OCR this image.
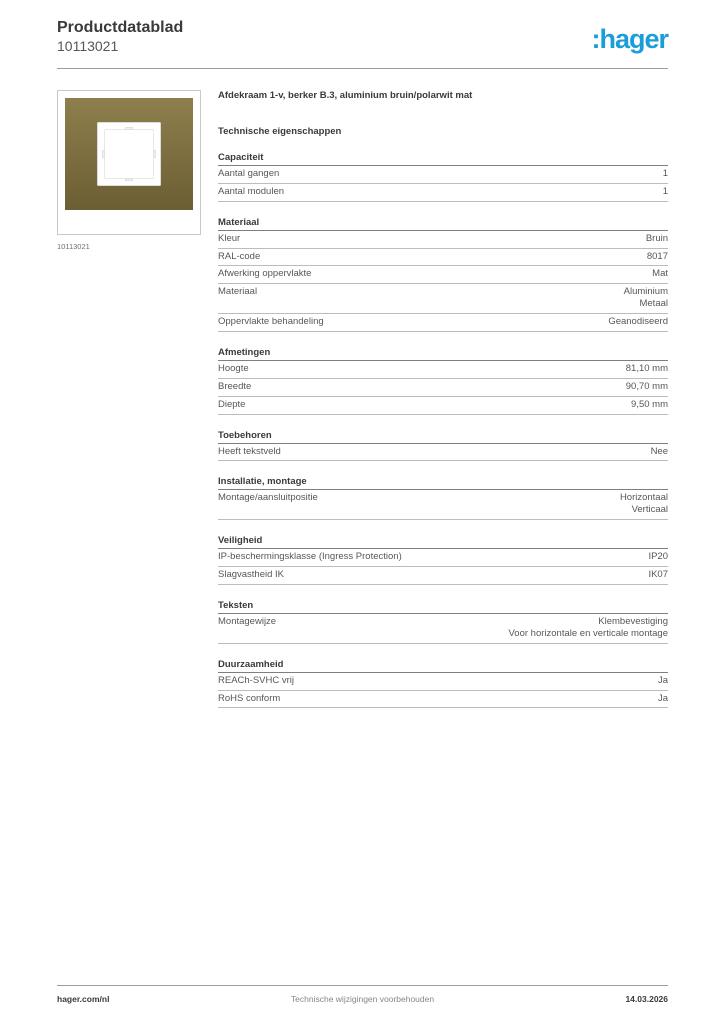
Productdatablad
10113021	:hager
10113021
Afdekraam 1-v, berker B.3, aluminium bruin/polarwit mat
Technische eigenschappen
Capaciteit
Aantal gangen	1
Aantal modulen	1
Materiaal
Kleur	Bruin
RAL-code	8017
Afwerking oppervlakte	Mat
Materiaal	Aluminium
Metaal
Oppervlakte behandeling	Geanodiseerd
Afmetingen
Hoogte	81,10 mm
Breedte	90,70 mm
Diepte	9,50 mm
Toebehoren
Heeft tekstveld	Nee
Installatie, montage
Montage/aansluitpositie	Horizontaal
Verticaal
Veiligheid
IP-beschermingsklasse (Ingress Protection)	IP20
Slagvastheid IK	IK07
Teksten
Montagewijze	Klembevestiging
Voor horizontale en verticale montage
Duurzaamheid
REACh-SVHC vrij	Ja
RoHS conform	Ja
hager.com/nl	Technische wijzigingen voorbehouden	14.03.2026
